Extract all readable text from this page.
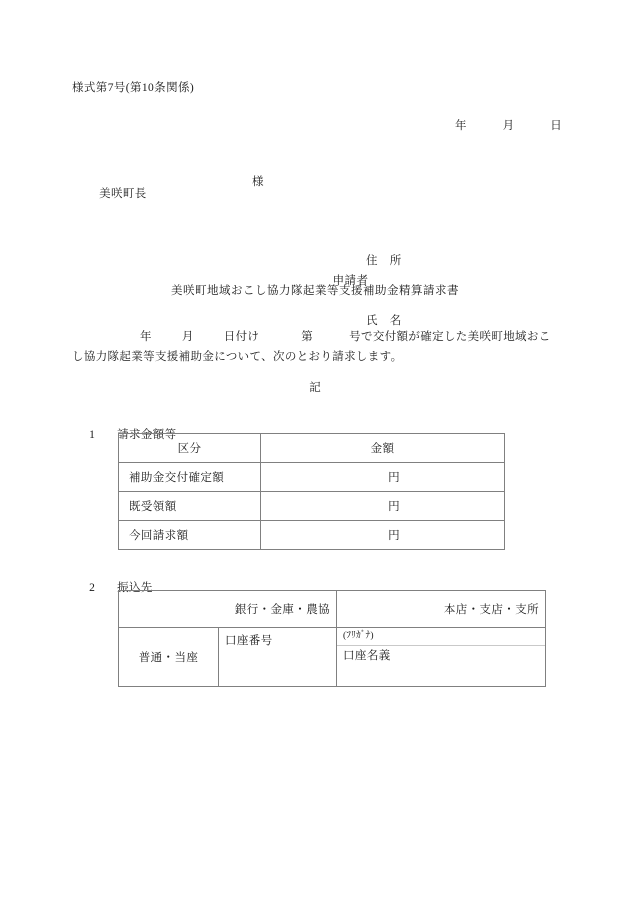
様式第7号(第10条関係)
年　　　月　　　日

美咲町長

様

申請者

住　所

氏　名

美咲町地域おこし協力隊起業等支援補助金精算請求書
年	月	日付け	第	号で交付額が確定した美咲町地域おこ
し協力隊起業等支援補助金について、次のとおり請求します。
記

1 請求金額等

区分	金額
補助金交付確定額	円
既受領額	円
今回請求額	円

2 振込先

銀行・金庫・農協		本店・支店・支所
普通・当座	口座番号	(ﾌﾘｶﾞﾅ)
口座名義
